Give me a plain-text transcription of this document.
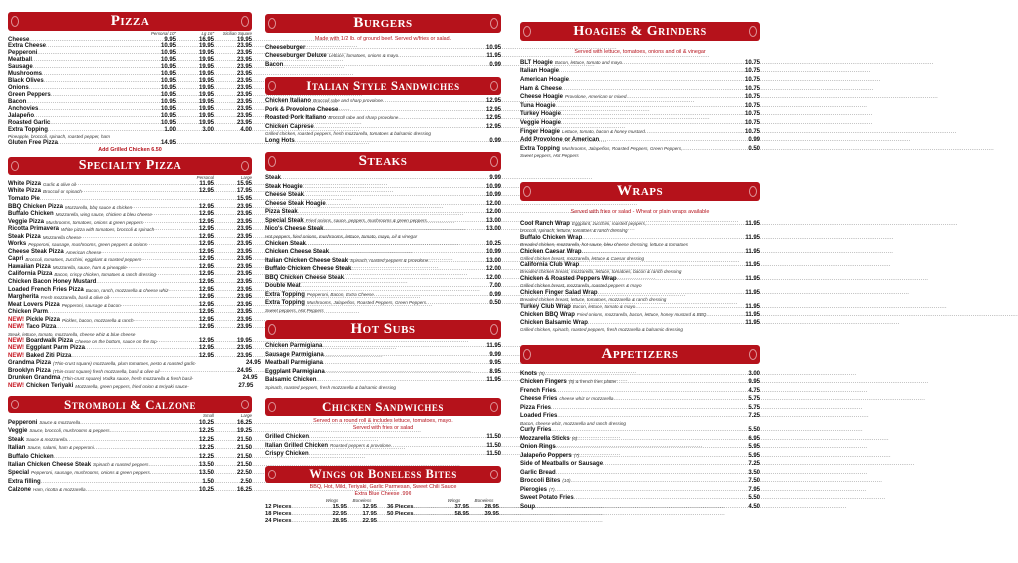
Pizza
Personal 10"	Lg 16"	Sicilian Square
Cheese .....	9.95	16.95	19.95
Extra Cheese .....	10.95	19.95	23.95
Pepperoni .....	10.95	19.95	23.95
Meatball .....	10.95	19.95	23.95
Sausage .....	10.95	19.95	23.95
Mushrooms .....	10.95	19.95	23.95
Black Olives .....	10.95	19.95	23.95
Onions .....	10.95	19.95	23.95
Green Peppers .....	10.95	19.95	23.95
Bacon .....	10.95	19.95	23.95
Anchovies .....	10.95	19.95	23.95
Jalapeño .....	10.95	19.95	23.95
Roasted Garlic .....	10.95	19.95	23.95
Extra Topping .....	1.00	3.00	4.00
Pineapple, broccoli, spinach, roasted pepper, ham
Gluten Free Pizza .....	14.95
Add Grilled Chicken 6.50
Specialty Pizza
Personal	Large
White Pizza Garlic & olive oil .....	11.95	15.95
White Pizza Broccoli or spinach .....	12.95	17.95
Tomato Pie .....	15.95
BBQ Chicken Pizza Mozzarella, bbq sauce & chicken .....	12.95	23.95
Buffalo Chicken Mozzarella, wing sauce, chicken & bleu cheese .....	12.95	23.95
Veggie Pizza Mushrooms, tomatoes, onions & green peppers .....	12.95	23.95
Ricotta Primavera White pizza with tomatoes, broccoli & spinach .....	12.95	23.95
Steak Pizza Mozzarella cheese .....	12.95	23.95
Works Pepperoni, sausage, mushrooms, green peppers & onions .....	12.95	23.95
Cheese Steak Pizza American cheese .....	12.95	23.95
Capri Broccoli, tomatoes, zucchini, eggplant & roasted peppers .....	12.95	23.95
Hawaiian Pizza Mozzarella, sauce, ham & pineapple .....	12.95	23.95
California Pizza Bacon, crispy chicken, tomatoes & ranch dressing .....	12.95	23.95
Chicken Bacon Honey Mustard .....	12.95	23.95
Loaded French Fries Pizza Bacon, ranch, mozzarella & cheese whiz .....	12.95	23.95
Margherita Fresh mozzarella, basil & olive oil .....	12.95	23.95
Meat Lovers Pizza Pepperoni, sausage & bacon .....	12.95	23.95
Chicken Parm .....	12.95	23.95
NEW! Pickle Pizza Pickles, bacon, mozzarella & ranch .....	12.95	23.95
NEW! Taco Pizza .....	12.95	23.95
Steak, lettuce, tomato, mozzarella, cheese whiz & blue cheese
NEW! Boardwalk Pizza Cheese on the bottom, sauce on the top .....	12.95	19.95
NEW! Eggplant Parm Pizza .....	12.95	23.95
NEW! Baked Ziti Pizza .....	12.95	23.95
Grandma Pizza (Thin-crust square) mozzarella, plum tomatoes, pesto & roasted garlic .....	24.95
Brooklyn Pizza (Thin-crust square) fresh mozzarella, basil & olive oil .....	24.95
Drunken Grandma (Thin-crust square) Vodka sauce, fresh mozzarella & fresh basil .....	24.95
NEW! Chicken Teriyaki Mozzarella, green peppers, fried onion & teriyaki sauce .....	27.95
Stromboli & Calzone
Small	Large
Pepperoni Sauce & mozzarella .....	10.25	16.25
Veggie Sauce, broccoli, mushrooms & peppers .....	12.25	19.25
Steak Sauce & mozzarella .....	12.25	21.50
Italian Sauce, salami, ham & pepperoni .....	12.25	21.50
Buffalo Chicken .....	12.25	21.50
Italian Chicken Cheese Steak Spinach & roasted peppers .....	13.50	21.50
Special Pepperoni, sausage, mushrooms, onions & green peppers .....	13.50	22.50
Extra filling .....	1.50	2.50
Calzone Ham, ricotta & mozzarella .....	10.25	16.25
Burgers
Made with 1/2 lb. of ground beef. Served w/fries or salad.
Cheeseburger .....	10.95
Cheeseburger Deluxe Lettuce, tomatoes, onions & mayo .....	11.95
Bacon .....	0.99
Italian Style Sandwiches
Chicken Italiano Broccoli rabe and sharp provolone .....	12.95
Pork & Provolone Cheese .....	12.95
Roasted Pork Italiano Broccoli rabe and sharp provolone .....	12.95
Chicken Caprese .....	12.95
Grilled chicken, roasted peppers, fresh mozzarella, tomatoes & balsamic dressing
Long Hots .....	0.99
Steaks
Steak .....	9.99
Steak Hoagie .....	10.99
Cheese Steak .....	10.99
Cheese Steak Hoagie .....	12.00
Pizza Steak .....	12.00
Special Steak Fried onions, sauce, peppers, mushrooms & green peppers .....	13.00
Nico's Cheese Steak .....	13.00
Hot peppers, fried onions, mushrooms, lettuce, tomato, mayo, oil & vinegar
Chicken Steak .....	10.25
Chicken Cheese Steak .....	10.99
Italian Chicken Cheese Steak Spinach, roasted peppers & provolone .....	13.00
Buffalo Chicken Cheese Steak .....	12.00
BBQ Chicken Cheese Steak .....	12.00
Double Meat .....	7.00
Extra Topping Pepperoni, Bacon, Extra Cheese .....	0.99
Extra Topping Mushrooms, Jalapeños, Roasted Peppers, Green Peppers .....	0.50
Sweet peppers, Hot Peppers
Hot Subs
Chicken Parmigiana .....	11.95
Sausage Parmigiana .....	9.99
Meatball Parmigiana .....	9.95
Eggplant Parmigiana .....	8.95
Balsamic Chicken .....	11.95
Spinach, roasted peppers, fresh mozzarella & balsamic dressing
Chicken Sandwiches
Served on a round roll & includes lettuce, tomatoes, mayo.
Served with fries or salad
Grilled Chicken .....	11.50
Italian Grilled Chicken Roasted peppers & provolone .....	11.50
Crispy Chicken .....	11.50
Wings or Boneless Bites
BBQ, Hot, Mild, Teriyaki, Garlic Parmesan, Sweet Chili Sauce
Extra Blue Cheese .99¢
Wings	Boneless
12 Pieces .....	15.95	12.95
18 Pieces .....	22.95	17.95
24 Pieces .....	28.95	22.95
Wings	Boneless
36 Pieces .....	37.95	28.95
50 Pieces .....	58.95	39.95
Hoagies & Grinders
Served with lettuce, tomatoes, onions and oil & vinegar
BLT Hoagie Bacon, lettuce, tomato and mayo .....	10.75
Italian Hoagie .....	10.75
American Hoagie .....	10.75
Ham & Cheese .....	10.75
Cheese Hoagie Provolone, American or mixed .....	10.75
Tuna Hoagie .....	10.75
Turkey Hoagie .....	10.75
Veggie Hoagie .....	10.75
Finger Hoagie Lettuce, tomato, bacon & honey mustard .....	10.75
Add Provolone or American .....	0.99
Extra Topping Mushrooms, Jalapeños, Roasted Peppers, Green Peppers, .....	0.50
Sweet peppers, Hot Peppers
Wraps
Served with fries or salad - Wheat or plain wraps available
Cool Ranch Wrap Eggplant, zucchini, roasted peppers, .....	11.95
broccoli, spinach, lettuce, tomatoes & ranch dressing
Buffalo Chicken Wrap .....	11.95
Breaded chicken, mozzarella, hot sauce, bleu cheese dressing, lettuce & tomatoes
Chicken Caesar Wrap .....	11.95
Grilled chicken breast, mozzarella, lettuce & Caesar dressing
California Club Wrap .....	11.95
Breaded chicken breast, mozzarella, lettuce, tomatoes, bacon & ranch dressing
Chicken & Roasted Peppers Wrap .....	11.95
Grilled chicken breast, mozzarella, roasted peppers & mayo
Chicken Finger Salad Wrap .....	11.95
Breaded chicken breast, lettuce, tomatoes, mozzarella & ranch dressing
Turkey Club Wrap Bacon, lettuce, tomato & mayo .....	11.95
Chicken BBQ Wrap Fried onions, mozzarella, bacon, lettuce, honey mustard & BBQ .....	11.95
Chicken Balsamic Wrap .....	11.95
Grilled chicken, spinach, roasted peppers, fresh mozzarella & balsamic dressing
Appetizers
Knots (5) .....	3.00
Chicken Fingers (5) & french fries platter .....	9.95
French Fries .....	4.75
Cheese Fries cheese whiz or mozzarella .....	5.75
Pizza Fries .....	5.75
Loaded Fries .....	7.25
Bacon, cheese whiz, mozzarella and ranch dressing
Curly Fries .....	5.50
Mozzarella Sticks (6) .....	6.95
Onion Rings .....	5.95
Jalapeño Poppers (7) .....	5.95
Side of Meatballs or Sausage .....	7.25
Garlic Bread .....	3.50
Broccoli Bites (10) .....	7.50
Pierogies (7) .....	7.95
Sweet Potato Fries .....	5.50
Soup .....	4.50
